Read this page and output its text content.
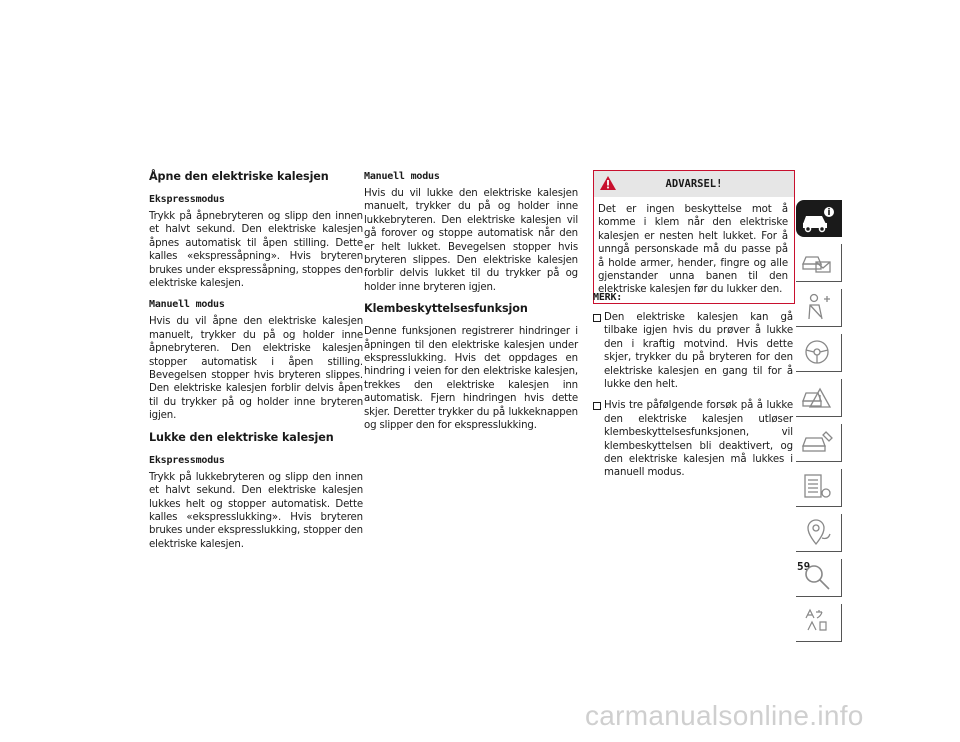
Åpne den elektriske kalesjen
Ekspressmodus

Trykk på åpnebryteren og slipp den innen et halvt sekund. Den elektriske kalesjen åpnes automatisk til åpen stilling. Dette kalles «ekspressåpning». Hvis bryteren brukes under ekspressåpning, stoppes den elektriske kalesjen.

Manuell modus

Hvis du vil åpne den elektriske kalesjen manuelt, trykker du på og holder inne åpnebryteren. Den elektriske kalesjen stopper automatisk i åpen stilling. Bevegelsen stopper hvis bryteren slippes. Den elektriske kalesjen forblir delvis åpen til du trykker på og holder inne bryteren igjen.

Lukke den elektriske kalesjen
Ekspressmodus

Trykk på lukkebryteren og slipp den innen et halvt sekund. Den elektriske kalesjen lukkes helt og stopper automatisk. Dette kalles «ekspresslukking». Hvis bryteren brukes under ekspresslukking, stopper den elektriske kalesjen.

Manuell modus

Hvis du vil lukke den elektriske kalesjen manuelt, trykker du på og holder inne lukkebryteren. Den elektriske kalesjen vil gå forover og stoppe automatisk når den er helt lukket. Bevegelsen stopper hvis bryteren slippes. Den elektriske kalesjen forblir delvis lukket til du trykker på og holder inne bryteren igjen.

Klembeskyttelsesfunksjon

Denne funksjonen registrerer hindringer i åpningen til den elektriske kalesjen under ekspresslukking. Hvis det oppdages en hindring i veien for den elektriske kalesjen, trekkes den elektriske kalesjen inn automatisk. Fjern hindringen hvis dette skjer. Deretter trykker du på lukkeknappen og slipper den for ekspresslukking.

ADVARSEL!
Det er ingen beskyttelse mot å komme i klem når den elektriske kalesjen er nesten helt lukket. For å unngå personskade må du passe på å holde armer, hender, fingre og alle gjenstander unna banen til den elektriske kalesjen før du lukker den.
MERK:
Den elektriske kalesjen kan gå tilbake igjen hvis du prøver å lukke den i kraftig motvind. Hvis dette skjer, trykker du på bryteren for den elektriske kalesjen en gang til for å lukke den helt.
Hvis tre påfølgende forsøk på å lukke den elektriske kalesjen utløser klembeskyttelsesfunksjonen, vil klembeskyttelsen bli deaktivert, og den elektriske kalesjen må lukkes i manuell modus.
59
carmanualsonline.info
